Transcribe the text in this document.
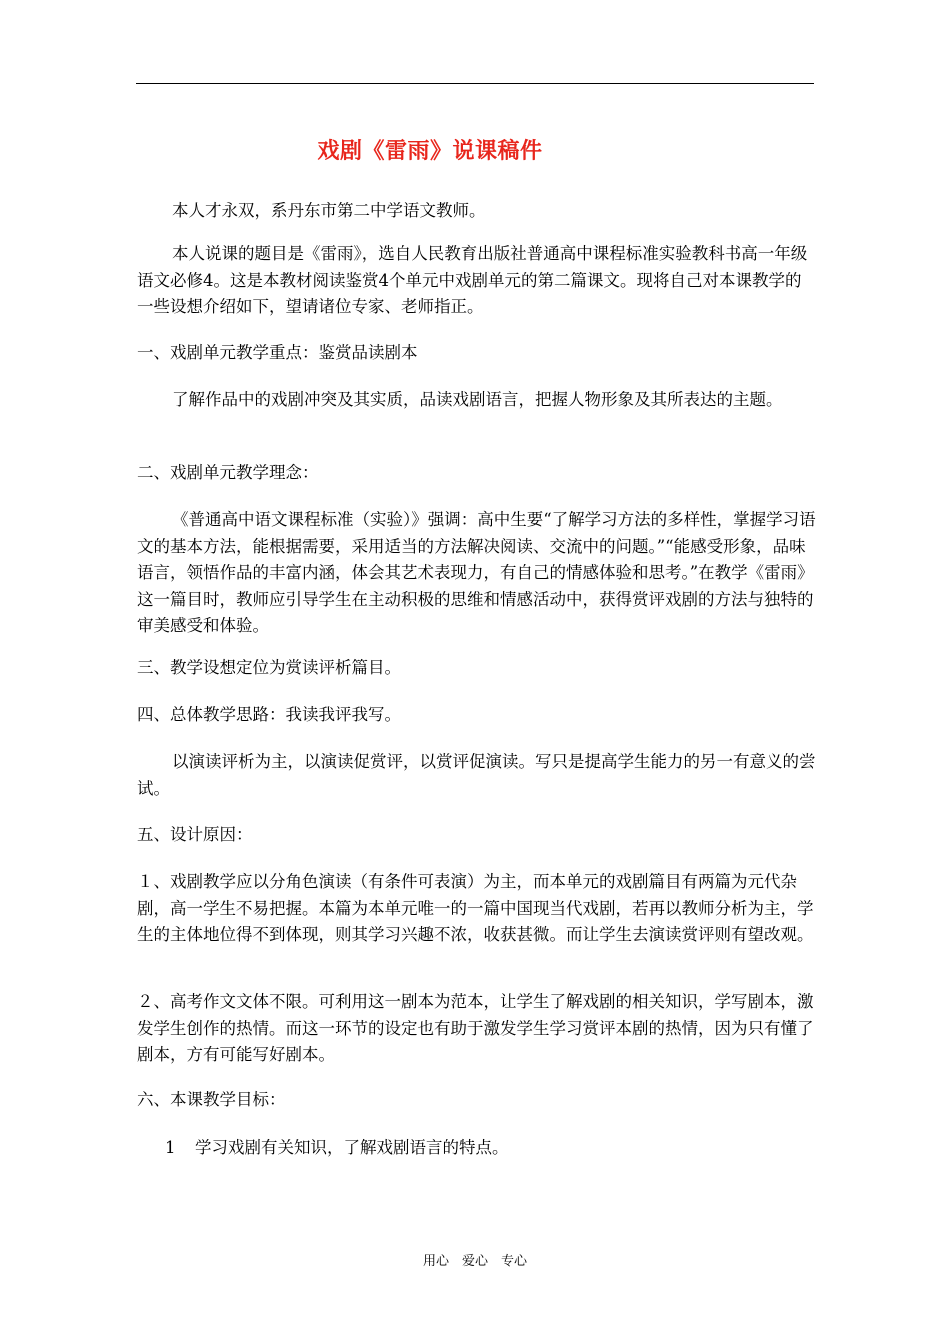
戏剧《雷雨》说课稿件

本人才永双，系丹东市第二中学语文教师。

本人说课的题目是《雷雨》，选自人民教育出版社普通高中课程标准实验教科书高一年级语文必修4。这是本教材阅读鉴赏4个单元中戏剧单元的第二篇课文。现将自己对本课教学的一些设想介绍如下，望请诸位专家、老师指正。

一、戏剧单元教学重点：鉴赏品读剧本

了解作品中的戏剧冲突及其实质，品读戏剧语言，把握人物形象及其所表达的主题。

二、戏剧单元教学理念：

《普通高中语文课程标准（实验）》强调：高中生要“了解学习方法的多样性，掌握学习语文的基本方法，能根据需要，采用适当的方法解决阅读、交流中的问题。”“能感受形象，品味语言，领悟作品的丰富内涵，体会其艺术表现力，有自己的情感体验和思考。”在教学《雷雨》这一篇目时，教师应引导学生在主动积极的思维和情感活动中，获得赏评戏剧的方法与独特的审美感受和体验。

三、教学设想定位为赏读评析篇目。

四、总体教学思路：我读我评我写。

以演读评析为主，以演读促赏评，以赏评促演读。写只是提高学生能力的另一有意义的尝试。

五、设计原因：

１、戏剧教学应以分角色演读（有条件可表演）为主，而本单元的戏剧篇目有两篇为元代杂剧，高一学生不易把握。本篇为本单元唯一的一篇中国现当代戏剧，若再以教师分析为主，学生的主体地位得不到体现，则其学习兴趣不浓，收获甚微。而让学生去演读赏评则有望改观。

２、高考作文文体不限。可利用这一剧本为范本，让学生了解戏剧的相关知识，学写剧本，激发学生创作的热情。而这一环节的设定也有助于激发学生学习赏评本剧的热情，因为只有懂了剧本，方有可能写好剧本。

六、本课教学目标：

1 学习戏剧有关知识，了解戏剧语言的特点。
用心　爱心　专心
